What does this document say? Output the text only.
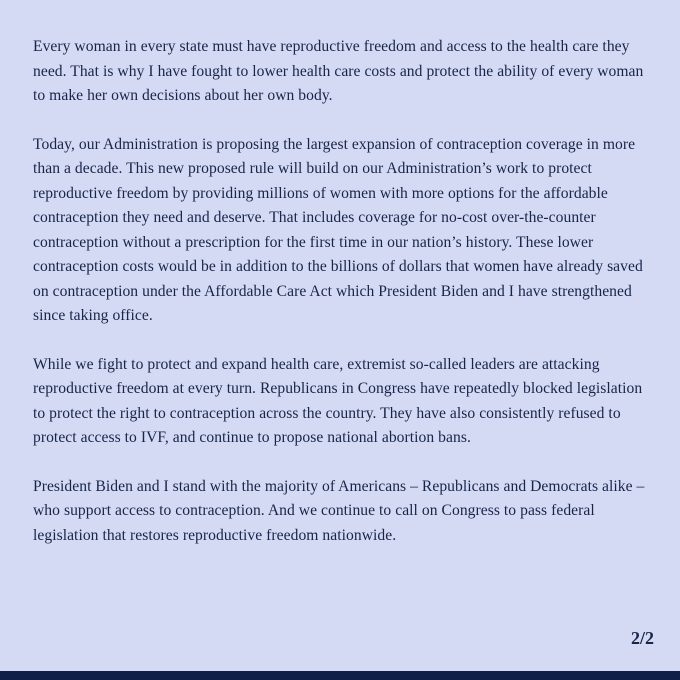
Every woman in every state must have reproductive freedom and access to the health care they need. That is why I have fought to lower health care costs and protect the ability of every woman to make her own decisions about her own body.

Today, our Administration is proposing the largest expansion of contraception coverage in more than a decade. This new proposed rule will build on our Administration’s work to protect reproductive freedom by providing millions of women with more options for the affordable contraception they need and deserve. That includes coverage for no-cost over-the-counter contraception without a prescription for the first time in our nation’s history. These lower contraception costs would be in addition to the billions of dollars that women have already saved on contraception under the Affordable Care Act which President Biden and I have strengthened since taking office.

While we fight to protect and expand health care, extremist so-called leaders are attacking reproductive freedom at every turn. Republicans in Congress have repeatedly blocked legislation to protect the right to contraception across the country. They have also consistently refused to protect access to IVF, and continue to propose national abortion bans.

President Biden and I stand with the majority of Americans – Republicans and Democrats alike – who support access to contraception. And we continue to call on Congress to pass federal legislation that restores reproductive freedom nationwide.

2/2
